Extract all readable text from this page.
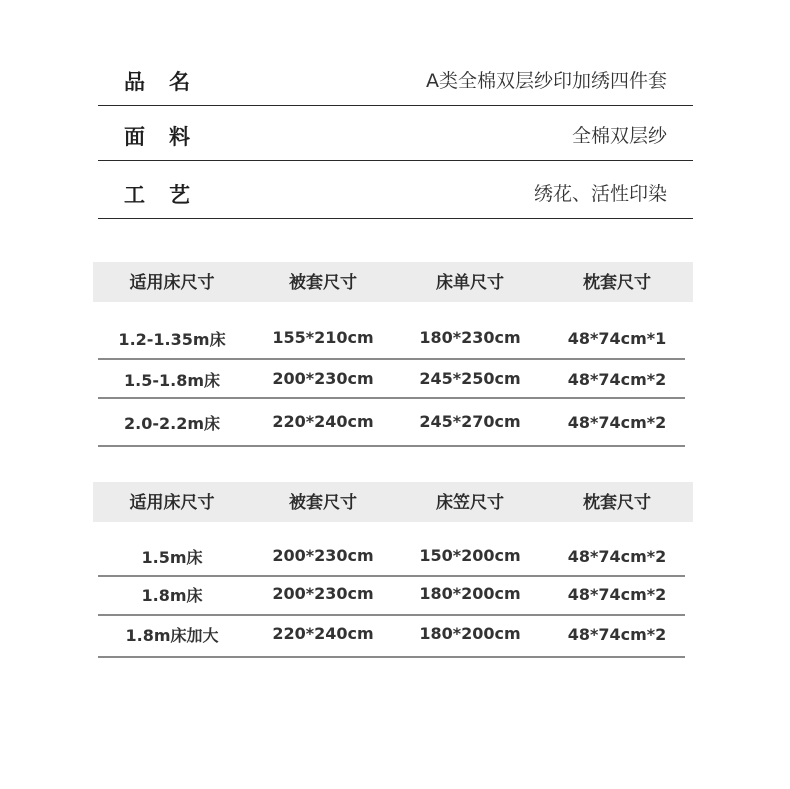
品名	A类全棉双层纱印加绣四件套
面料	全棉双层纱
工艺	绣花、活性印染
适用床尺寸	被套尺寸	床单尺寸	枕套尺寸
1.2-1.35m床	155*210cm	180*230cm	48*74cm*1
1.5-1.8m床	200*230cm	245*250cm	48*74cm*2
2.0-2.2m床	220*240cm	245*270cm	48*74cm*2
适用床尺寸	被套尺寸	床笠尺寸	枕套尺寸
1.5m床	200*230cm	150*200cm	48*74cm*2
1.8m床	200*230cm	180*200cm	48*74cm*2
1.8m床加大	220*240cm	180*200cm	48*74cm*2
